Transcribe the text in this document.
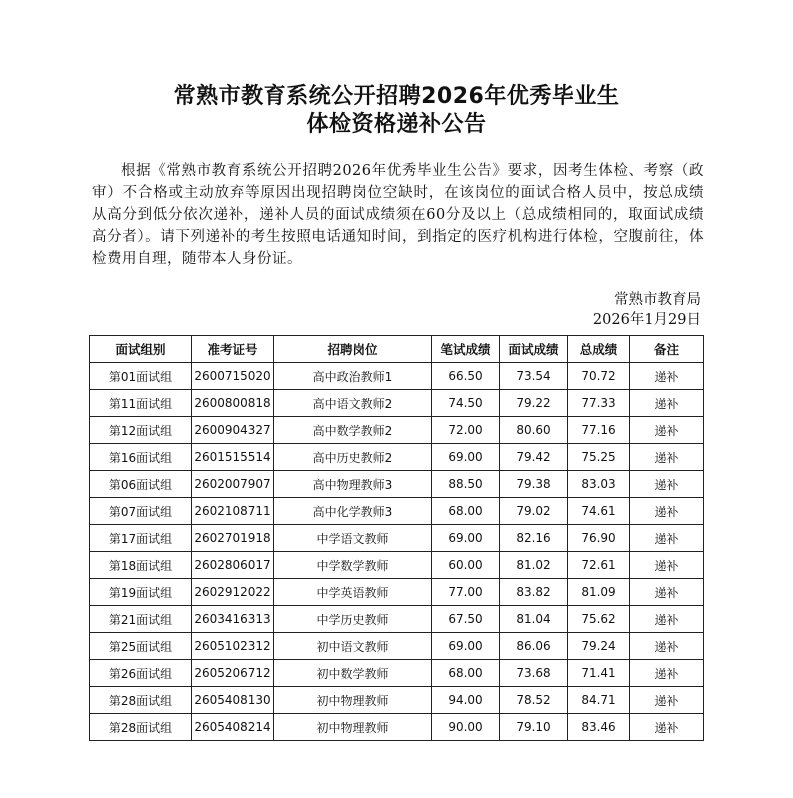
常熟市教育系统公开招聘2026年优秀毕业生
体检资格递补公告
根据《常熟市教育系统公开招聘2026年优秀毕业生公告》要求，因考生体检、考察（政审）不合格或主动放弃等原因出现招聘岗位空缺时，在该岗位的面试合格人员中，按总成绩从高分到低分依次递补，递补人员的面试成绩须在60分及以上（总成绩相同的，取面试成绩高分者）。请下列递补的考生按照电话通知时间，到指定的医疗机构进行体检，空腹前往，体检费用自理，随带本人身份证。
常熟市教育局
2026年1月29日
面试组别	准考证号	招聘岗位	笔试成绩	面试成绩	总成绩	备注
第01面试组	2600715020	高中政治教师1	66.50	73.54	70.72	递补
第11面试组	2600800818	高中语文教师2	74.50	79.22	77.33	递补
第12面试组	2600904327	高中数学教师2	72.00	80.60	77.16	递补
第16面试组	2601515514	高中历史教师2	69.00	79.42	75.25	递补
第06面试组	2602007907	高中物理教师3	88.50	79.38	83.03	递补
第07面试组	2602108711	高中化学教师3	68.00	79.02	74.61	递补
第17面试组	2602701918	中学语文教师	69.00	82.16	76.90	递补
第18面试组	2602806017	中学数学教师	60.00	81.02	72.61	递补
第19面试组	2602912022	中学英语教师	77.00	83.82	81.09	递补
第21面试组	2603416313	中学历史教师	67.50	81.04	75.62	递补
第25面试组	2605102312	初中语文教师	69.00	86.06	79.24	递补
第26面试组	2605206712	初中数学教师	68.00	73.68	71.41	递补
第28面试组	2605408130	初中物理教师	94.00	78.52	84.71	递补
第28面试组	2605408214	初中物理教师	90.00	79.10	83.46	递补
